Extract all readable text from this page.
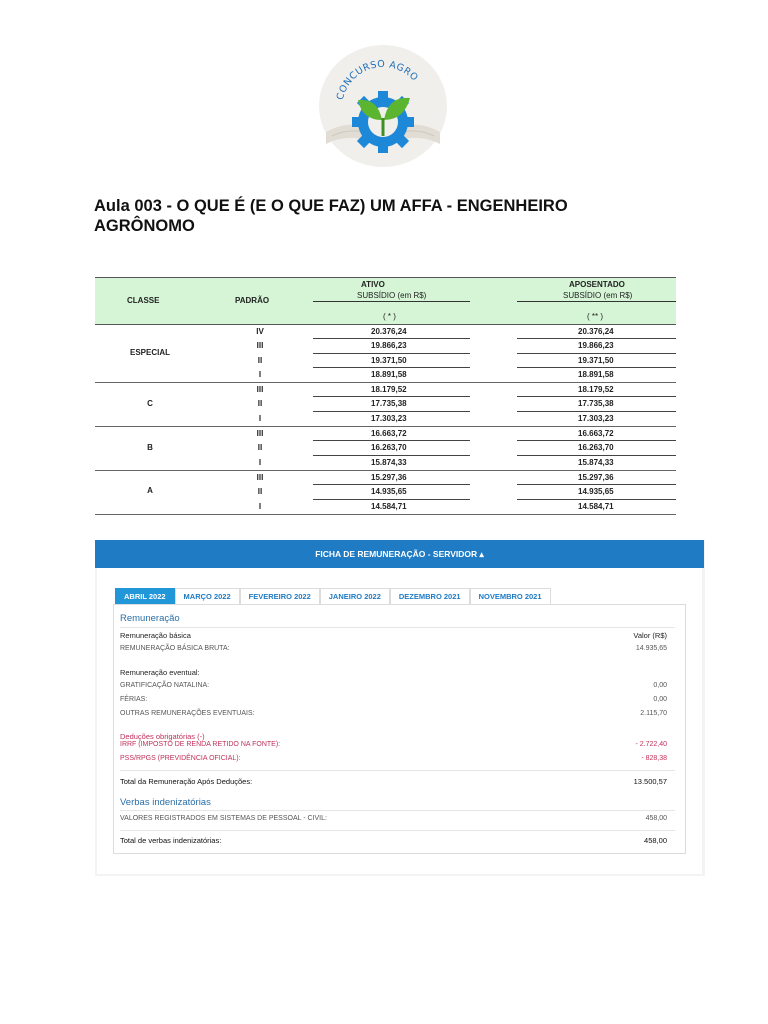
CONCURSO AGRO
Aula 003 - O QUE É (E O QUE FAZ) UM AFFA - ENGENHEIRO AGRÔNOMO
CLASSE	PADRÃO
ATIVO
SUBSÍDIO (em R$)
( * )
APOSENTADO
SUBSÍDIO (em R$)
( ** )
ESPECIAL
IV	20.376,24	20.376,24
III	19.866,23	19.866,23
II	19.371,50	19.371,50
I	18.891,58	18.891,58
C
III	18.179,52	18.179,52
II	17.735,38	17.735,38
I	17.303,23	17.303,23
B
III	16.663,72	16.663,72
II	16.263,70	16.263,70
I	15.874,33	15.874,33
A
III	15.297,36	15.297,36
II	14.935,65	14.935,65
I	14.584,71	14.584,71
FICHA DE REMUNERAÇÃO - SERVIDOR ▴
ABRIL 2022	MARÇO 2022	FEVEREIRO 2022	JANEIRO 2022	DEZEMBRO 2021	NOVEMBRO 2021
Remuneração
Remuneração básica	Valor (R$)
REMUNERAÇÃO BÁSICA BRUTA:	14.935,65
Remuneração eventual:
GRATIFICAÇÃO NATALINA:	0,00
FÉRIAS:	0,00
OUTRAS REMUNERAÇÕES EVENTUAIS:	2.115,70
Deduções obrigatórias (-)
IRRF (IMPOSTO DE RENDA RETIDO NA FONTE):	- 2.722,40
PSS/RPGS (PREVIDÊNCIA OFICIAL):	- 828,38
Total da Remuneração Após Deduções:	13.500,57
Verbas indenizatórias
VALORES REGISTRADOS EM SISTEMAS DE PESSOAL - CIVIL:	458,00
Total de verbas indenizatórias:	458,00
